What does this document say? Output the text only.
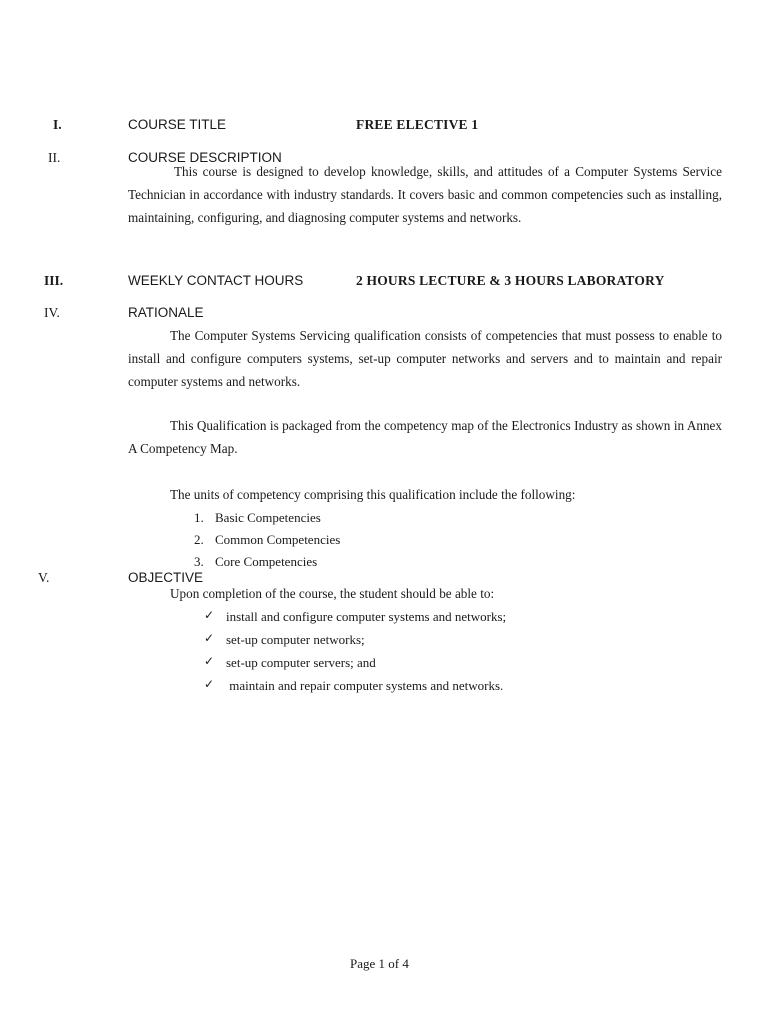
I.	COURSE TITLE	FREE ELECTIVE 1
II.	COURSE DESCRIPTION
This course is designed to develop knowledge, skills, and attitudes of a Computer Systems Service Technician in accordance with industry standards. It covers basic and common competencies such as installing, maintaining, configuring, and diagnosing computer systems and networks.
III.	WEEKLY CONTACT HOURS	2 HOURS LECTURE & 3 HOURS LABORATORY
IV.	RATIONALE
The Computer Systems Servicing qualification consists of competencies that must possess to enable to install and configure computers systems, set-up computer networks and servers and to maintain and repair computer systems and networks.
This Qualification is packaged from the competency map of the Electronics Industry as shown in Annex A Competency Map.
The units of competency comprising this qualification include the following:
1. Basic Competencies
2. Common Competencies
3. Core Competencies
V.	OBJECTIVE
Upon completion of the course, the student should be able to:
✓ install and configure computer systems and networks;
✓ set-up computer networks;
✓ set-up computer servers; and
✓ maintain and repair computer systems and networks.
Page 1 of 4
